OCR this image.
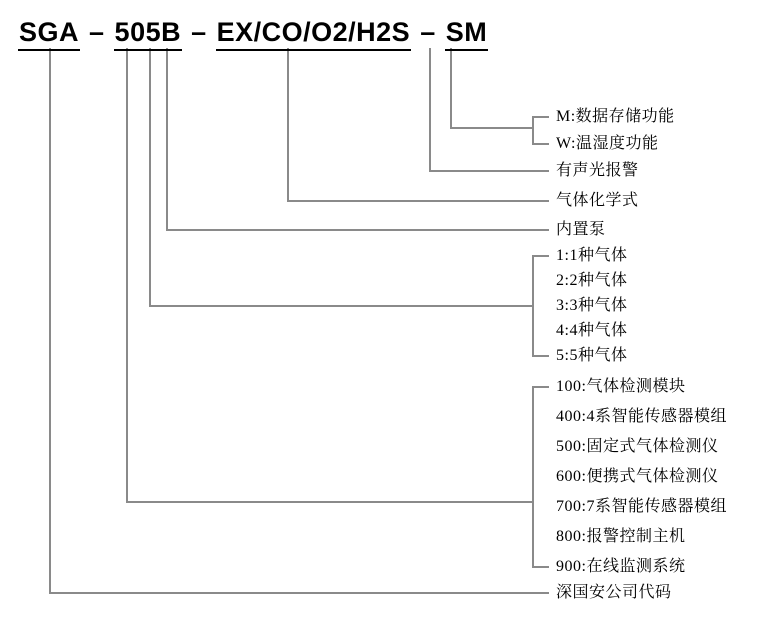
SGA – 505B – EX/CO/O2/H2S – SM
M:数据存储功能
W:温湿度功能
有声光报警
气体化学式
内置泵
1:1种气体
2:2种气体
3:3种气体
4:4种气体
5:5种气体
100:气体检测模块
400:4系智能传感器模组
500:固定式气体检测仪
600:便携式气体检测仪
700:7系智能传感器模组
800:报警控制主机
900:在线监测系统
深国安公司代码
